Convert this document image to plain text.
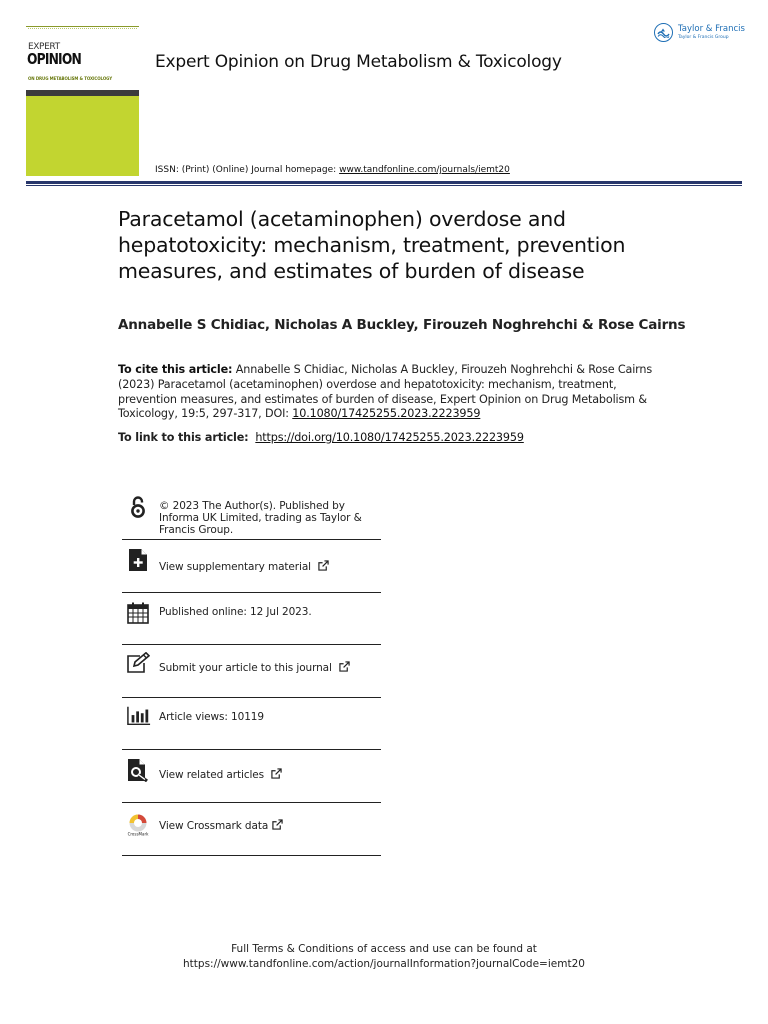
EXPERT
OPINION
ON DRUG METABOLISM & TOXICOLOGY
Expert Opinion on Drug Metabolism & Toxicology
ISSN: (Print) (Online) Journal homepage: www.tandfonline.com/journals/iemt20
Taylor & Francis
Taylor & Francis Group
Paracetamol (acetaminophen) overdose and hepatotoxicity: mechanism, treatment, prevention measures, and estimates of burden of disease
Annabelle S Chidiac, Nicholas A Buckley, Firouzeh Noghrehchi & Rose Cairns
To cite this article: Annabelle S Chidiac, Nicholas A Buckley, Firouzeh Noghrehchi & Rose Cairns (2023) Paracetamol (acetaminophen) overdose and hepatotoxicity: mechanism, treatment, prevention measures, and estimates of burden of disease, Expert Opinion on Drug Metabolism & Toxicology, 19:5, 297-317, DOI: 10.1080/17425255.2023.2223959
To link to this article: https://doi.org/10.1080/17425255.2023.2223959
© 2023 The Author(s). Published by Informa UK Limited, trading as Taylor & Francis Group.
View supplementary material
Published online: 12 Jul 2023.
Submit your article to this journal
Article views: 10119
View related articles
CrossMark
View Crossmark data
Full Terms & Conditions of access and use can be found at
https://www.tandfonline.com/action/journalInformation?journalCode=iemt20
